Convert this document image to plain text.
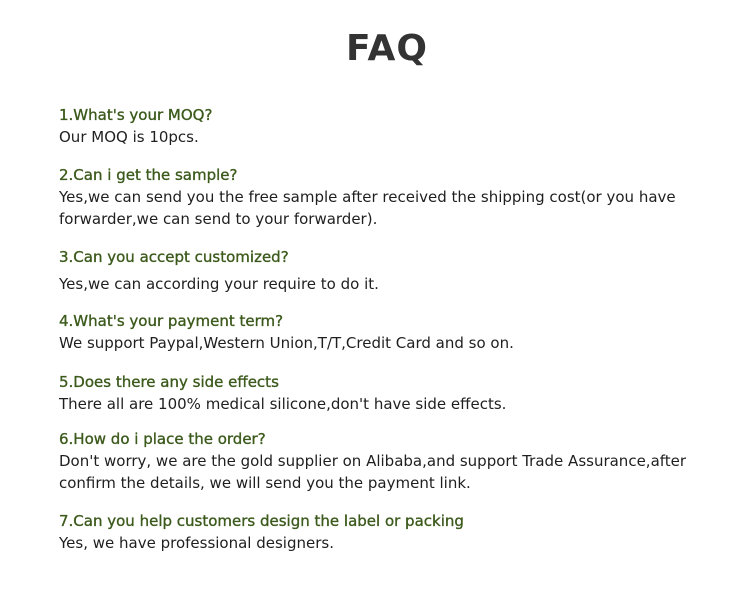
FAQ
1.What's your MOQ?
Our MOQ is 10pcs.
2.Can i get the sample?
Yes,we can send you the free sample after received the shipping cost(or you have forwarder,we can send to your forwarder).
3.Can you accept customized?
Yes,we can according your require to do it.
4.What's your payment term?
We support Paypal,Western Union,T/T,Credit Card and so on.
5.Does there any side effects
There all are 100% medical silicone,don't have side effects.
6.How do i place the order?
Don't worry, we are the gold supplier on Alibaba,and support Trade Assurance,after confirm the details, we will send you the payment link.
7.Can you help customers design the label or packing
Yes, we have professional designers.
